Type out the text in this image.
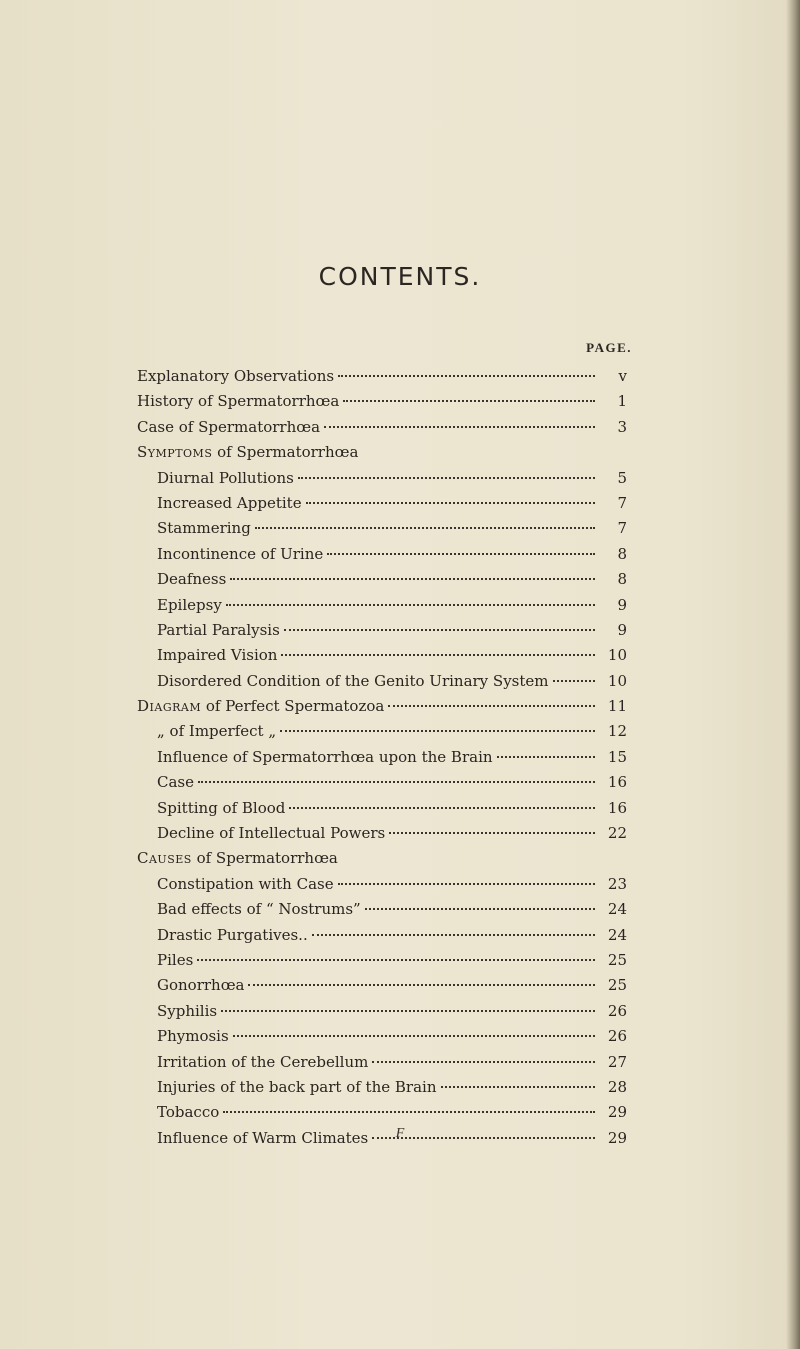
CONTENTS.
PAGE.
Explanatory Observations	v
History of Spermatorrhœa	1
Case of Spermatorrhœa	3
Symptoms of Spermatorrhœa
Diurnal Pollutions	5
Increased Appetite	7
Stammering	7
Incontinence of Urine	8
Deafness	8
Epilepsy	9
Partial Paralysis	9
Impaired Vision	10
Disordered Condition of the Genito Urinary System	10
Diagram of Perfect Spermatozoa	11
„ of Imperfect „	12
Influence of Spermatorrhœa upon the Brain	15
Case	16
Spitting of Blood	16
Decline of Intellectual Powers	22
Causes of Spermatorrhœa
Constipation with Case	23
Bad effects of “ Nostrums”	24
Drastic Purgatives..	24
Piles	25
Gonorrhœa	25
Syphilis	26
Phymosis	26
Irritation of the Cerebellum	27
Injuries of the back part of the Brain	28
Tobacco	29
Influence of Warm Climates	29
F
